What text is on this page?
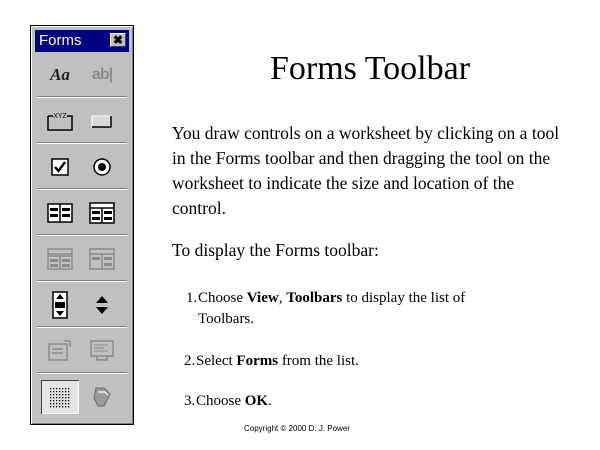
Forms	✖
Aa ab|
XYZ
Forms Toolbar

You draw controls on a worksheet by clicking on a tool in the Forms toolbar and then dragging the tool on the worksheet to indicate the size and location of the control.

To display the Forms toolbar:

1.Choose View, Toolbars to display the list of
Toolbars.
2.Select Forms from the list.
3.Choose OK.
Copyright © 2000 D. J. Power
